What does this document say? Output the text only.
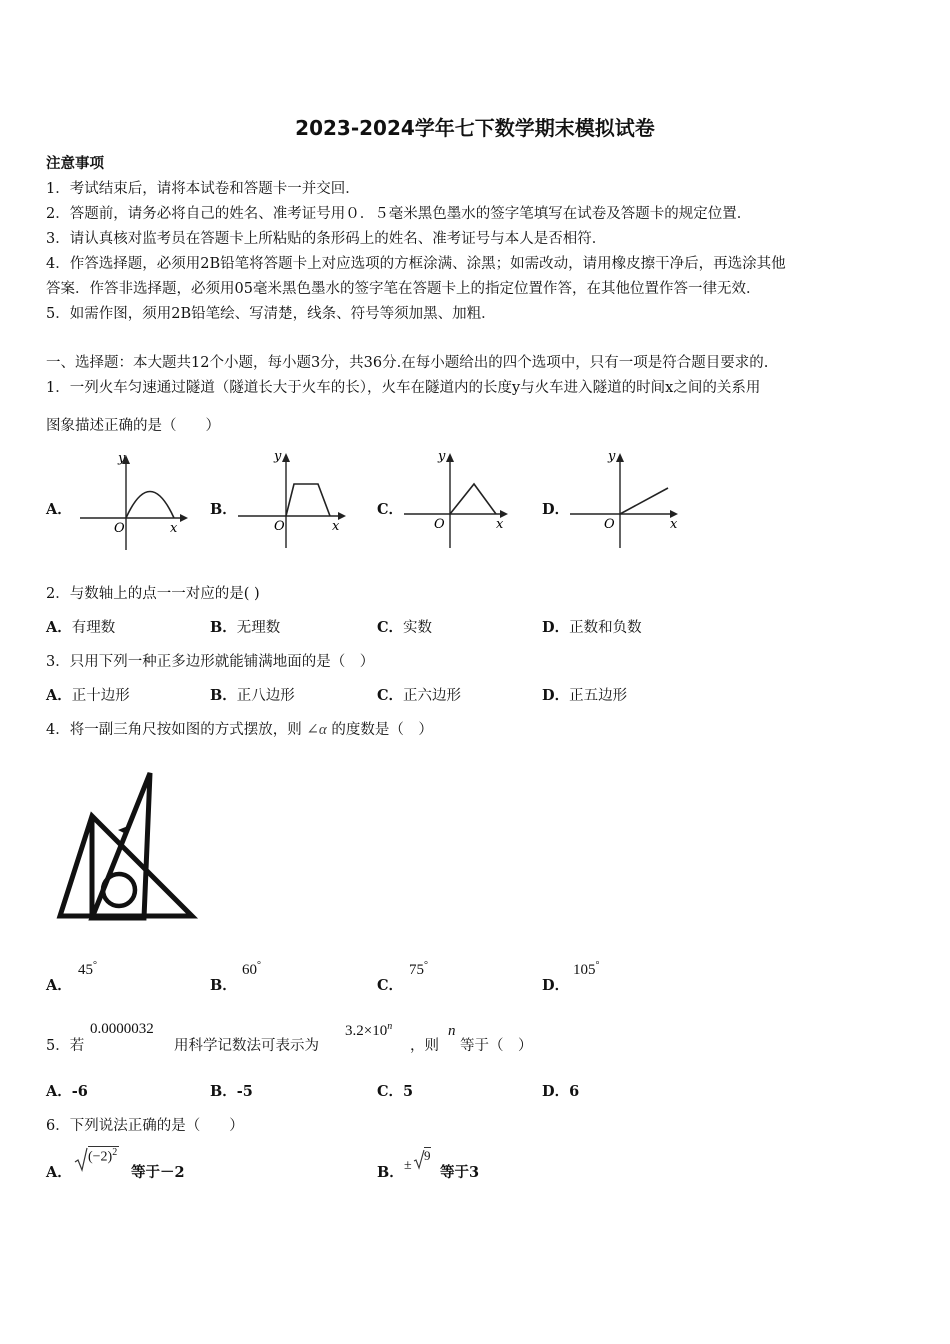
2023-2024学年七下数学期末模拟试卷
注意事项
1．考试结束后，请将本试卷和答题卡一并交回．
2．答题前，请务必将自己的姓名、准考证号用０．５毫米黑色墨水的签字笔填写在试卷及答题卡的规定位置．
3．请认真核对监考员在答题卡上所粘贴的条形码上的姓名、准考证号与本人是否相符．
4．作答选择题，必须用2B铅笔将答题卡上对应选项的方框涂满、涂黑；如需改动，请用橡皮擦干净后，再选涂其他
答案．作答非选择题，必须用05毫米黑色墨水的签字笔在答题卡上的指定位置作答，在其他位置作答一律无效．
5．如需作图，须用2B铅笔绘、写清楚，线条、符号等须加黑、加粗．
一、选择题：本大题共12个小题，每小题3分，共36分.在每小题给出的四个选项中，只有一项是符合题目要求的.
1．一列火车匀速通过隧道（隧道长大于火车的长），火车在隧道内的长度y与火车进入隧道的时间x之间的关系用
图象描述正确的是（　　）
A．
y
x
O
B．
y
x
O
C．
y
x
O
D．
y
x
O
2．与数轴上的点一一对应的是( )
A．有理数	B．无理数	C．实数	D．正数和负数
3．只用下列一种正多边形就能铺满地面的是（　）
A．正十边形	B．正八边形	C．正六边形	D．正五边形
4．将一副三角尺按如图的方式摆放，则 ∠α 的度数是（　）
A．
45°
B．
60°
C．
75°
D．
105°
5．若
0.0000032
用科学记数法可表示为
$3.2\times 10^n$
，则
n
等于（　）
A．-6	B．-5	C．5	D．6
6．下列说法正确的是（　　）
A．
$(-2)^2$
等于－2	B． ±
9
等于3
